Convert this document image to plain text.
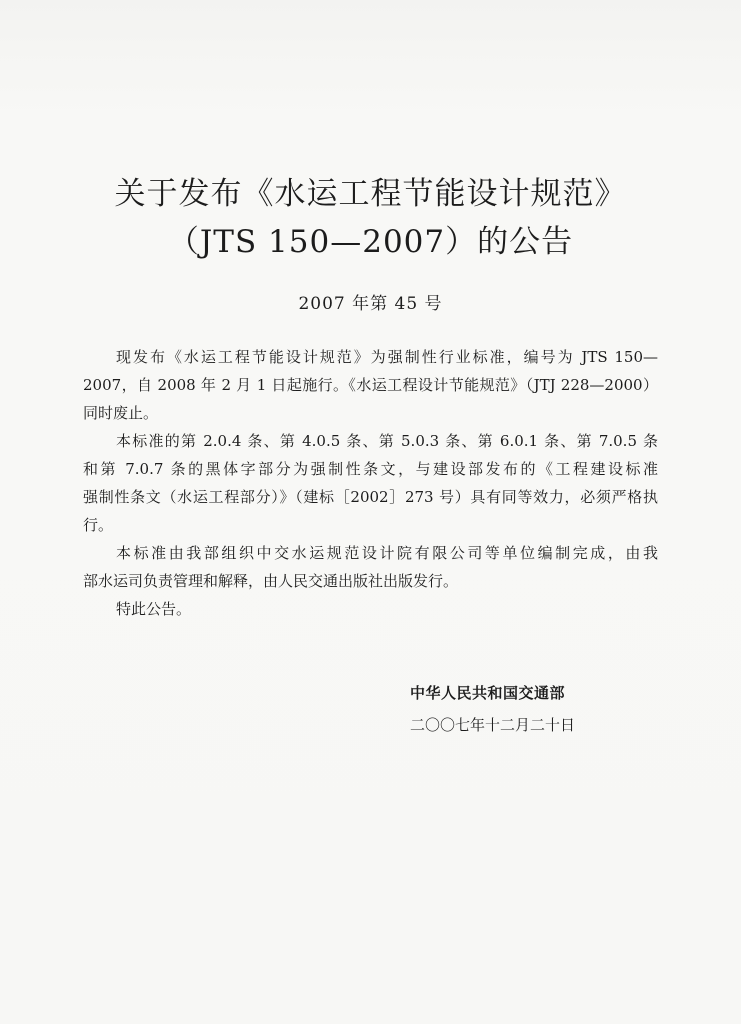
关于发布《水运工程节能设计规范》
（JTS 150—2007）的公告
2007 年第 45 号
现发布《水运工程节能设计规范》为强制性行业标准，编号为 JTS 150—
2007，自 2008 年 2 月 1 日起施行。《水运工程设计节能规范》（JTJ 228—2000）
同时废止。
本标准的第 2.0.4 条、第 4.0.5 条、第 5.0.3 条、第 6.0.1 条、第 7.0.5 条
和第 7.0.7 条的黑体字部分为强制性条文，与建设部发布的《工程建设标准
强制性条文（水运工程部分）》（建标［2002］273 号）具有同等效力，必须严格执
行。
本标准由我部组织中交水运规范设计院有限公司等单位编制完成，由我
部水运司负责管理和解释，由人民交通出版社出版发行。
特此公告。
中华人民共和国交通部
二〇〇七年十二月二十日
